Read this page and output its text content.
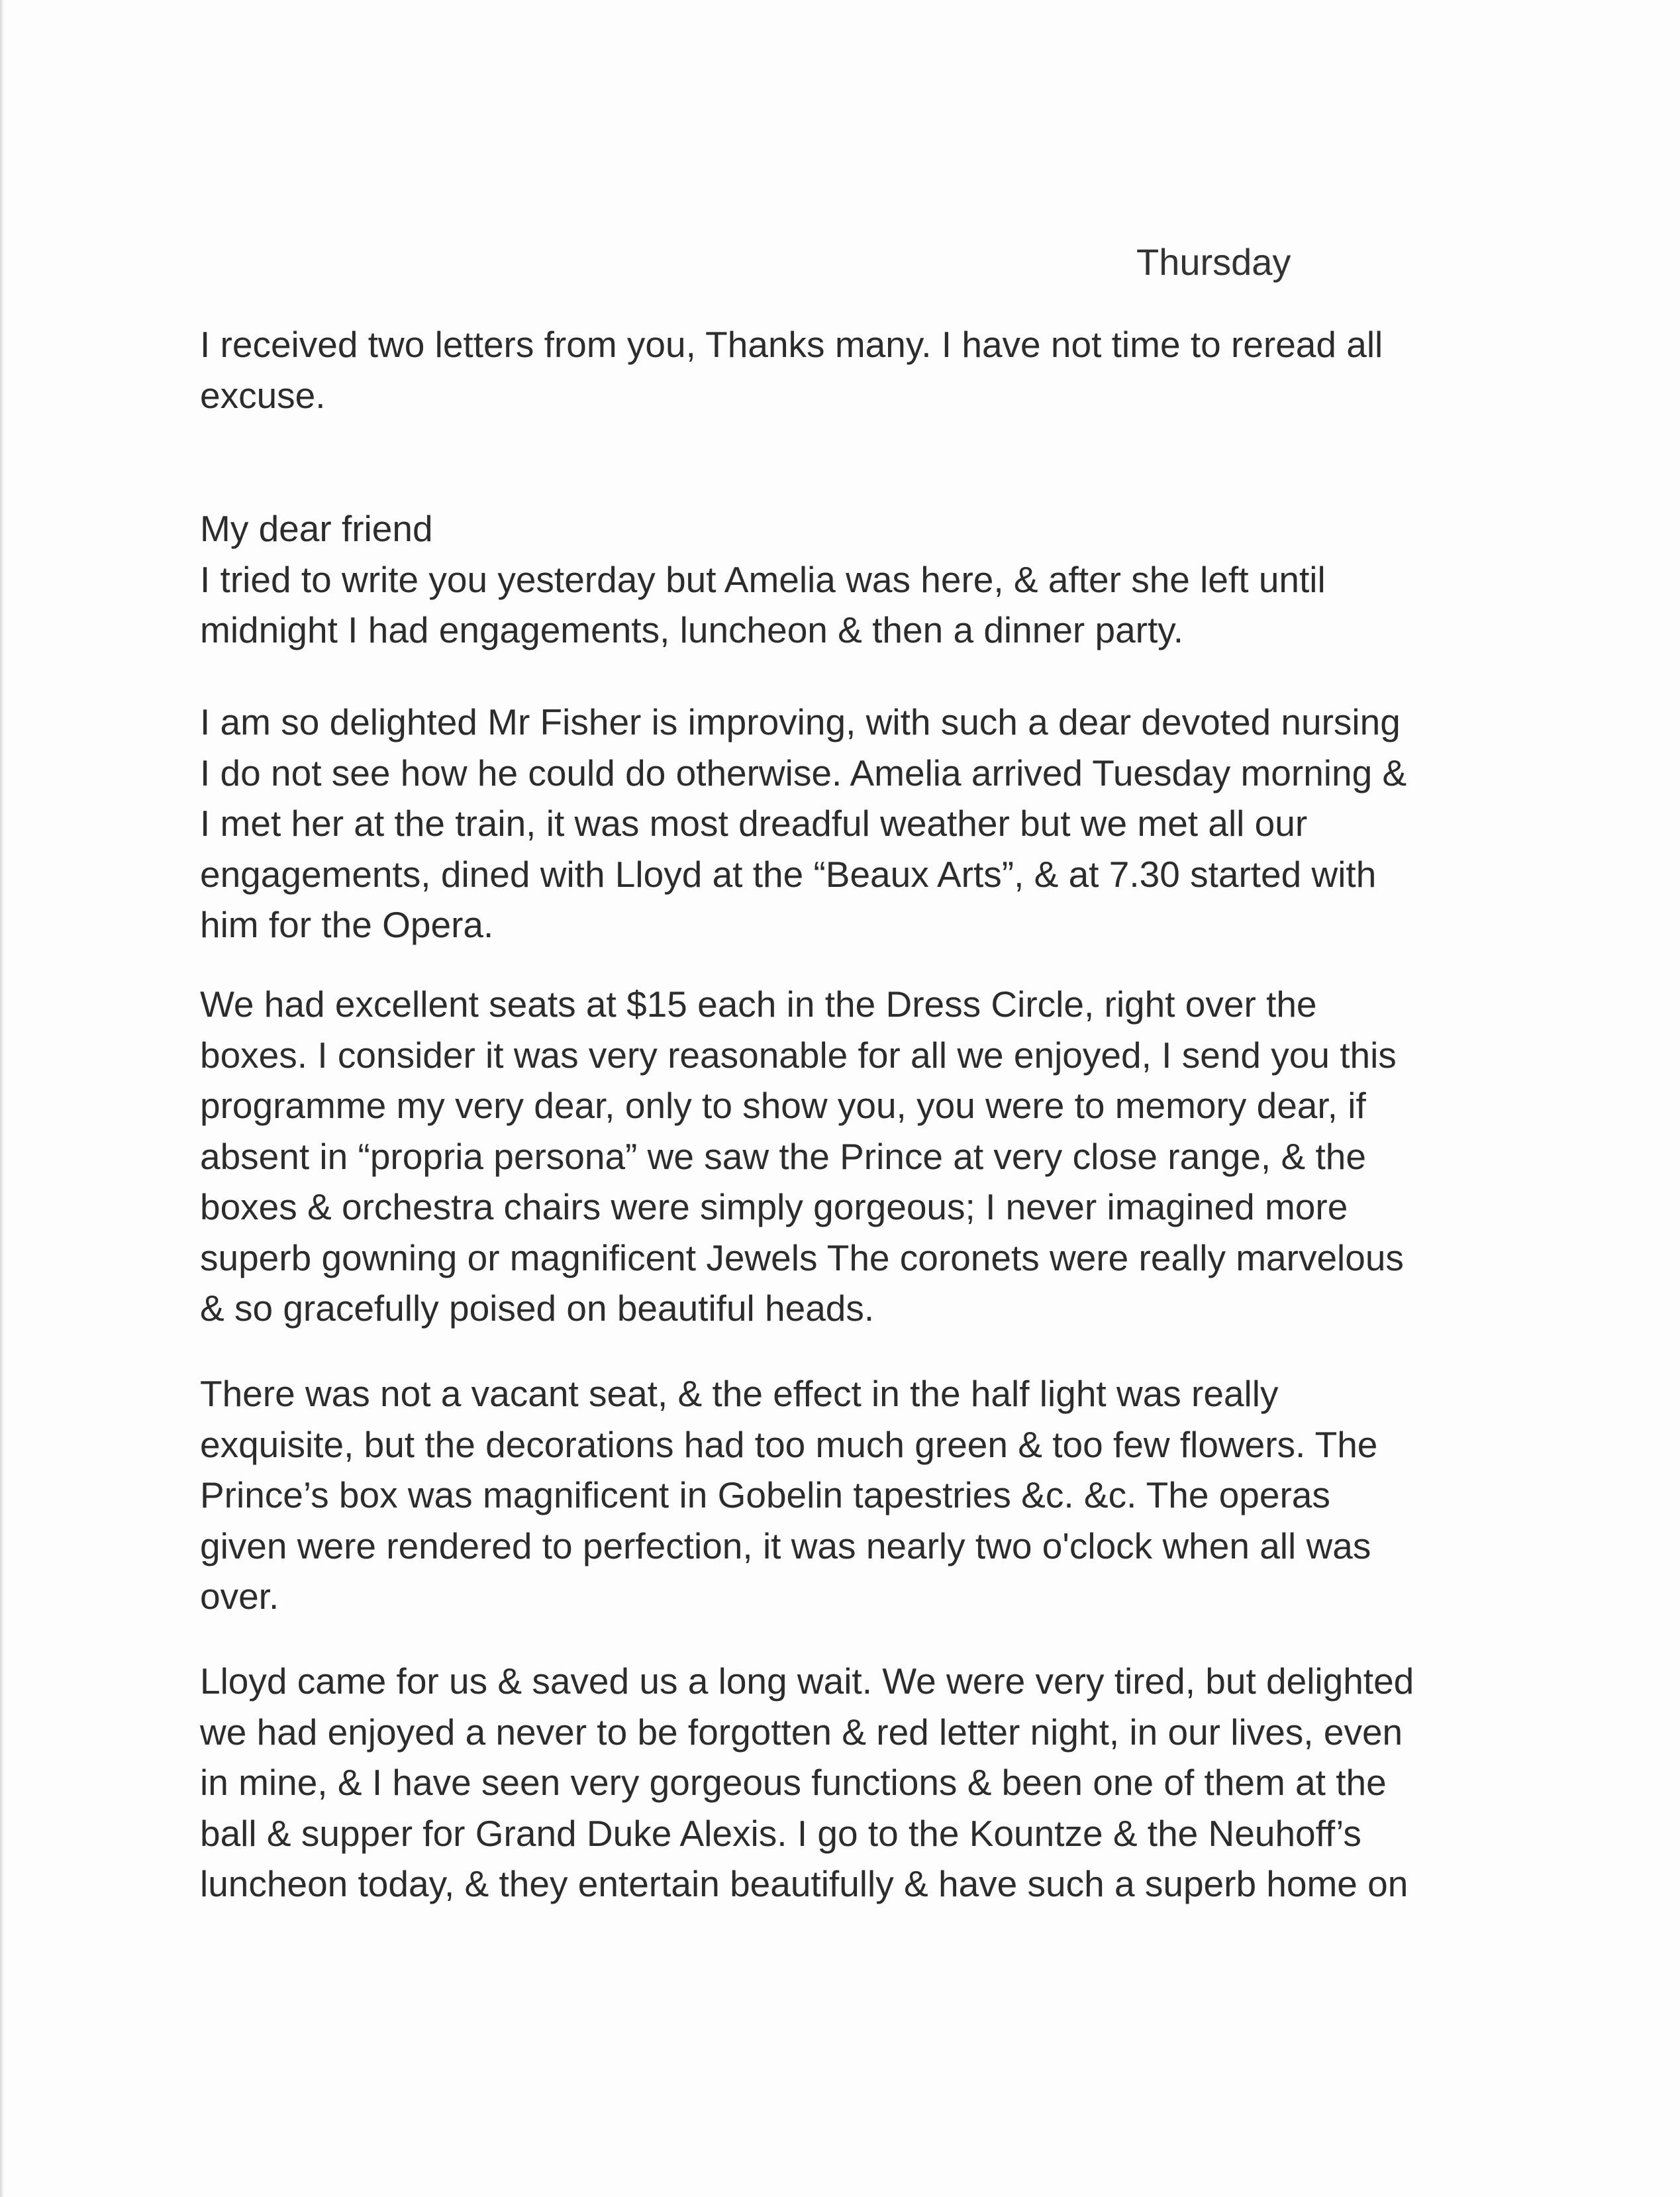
Thursday
I received two letters from you, Thanks many. I have not time to reread all
excuse.
My dear friend
I tried to write you yesterday but Amelia was here, & after she left until
midnight I had engagements, luncheon & then a dinner party.
I am so delighted Mr Fisher is improving, with such a dear devoted nursing
I do not see how he could do otherwise. Amelia arrived Tuesday morning &
I met her at the train, it was most dreadful weather but we met all our
engagements, dined with Lloyd at the “Beaux Arts”, & at 7.30 started with
him for the Opera.
We had excellent seats at $15 each in the Dress Circle, right over the
boxes. I consider it was very reasonable for all we enjoyed, I send you this
programme my very dear, only to show you, you were to memory dear, if
absent in “propria persona” we saw the Prince at very close range, & the
boxes & orchestra chairs were simply gorgeous; I never imagined more
superb gowning or magnificent Jewels The coronets were really marvelous
& so gracefully poised on beautiful heads.
There was not a vacant seat, & the effect in the half light was really
exquisite, but the decorations had too much green & too few flowers. The
Prince’s box was magnificent in Gobelin tapestries &c. &c. The operas
given were rendered to perfection, it was nearly two o'clock when all was
over.
Lloyd came for us & saved us a long wait. We were very tired, but delighted
we had enjoyed a never to be forgotten & red letter night, in our lives, even
in mine, & I have seen very gorgeous functions & been one of them at the
ball & supper for Grand Duke Alexis. I go to the Kountze & the Neuhoff’s
luncheon today, & they entertain beautifully & have such a superb home on
